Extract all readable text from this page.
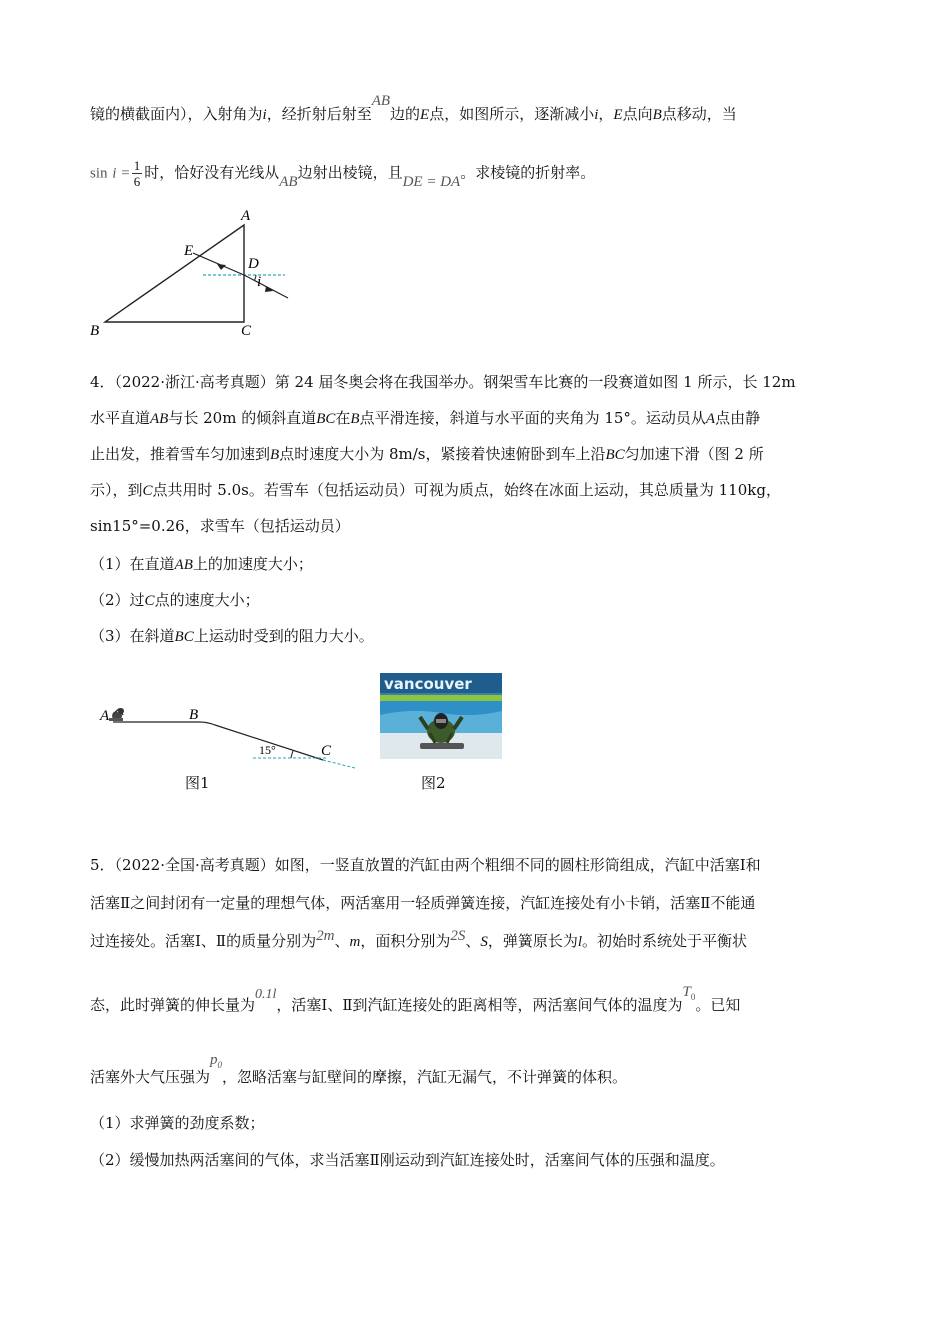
镜的横截面内），入射角为i，经折射后射至AB边的E点，如图所示，逐渐减小i，E点向B点移动，当
$\sin i = \frac{1}{6}$ 时，恰好没有光线从AB边射出棱镜，且DE = DA。求棱镜的折射率。
A
B	C
D
E
i
4．（2022·浙江·高考真题）第 24 届冬奥会将在我国举办。钢架雪车比赛的一段赛道如图 1 所示，长 12m
水平直道AB与长 20m 的倾斜直道BC在B点平滑连接，斜道与水平面的夹角为 15°。运动员从A点由静
止出发，推着雪车匀加速到B点时速度大小为 8m/s，紧接着快速俯卧到车上沿BC匀加速下滑（图 2 所
示），到C点共用时 5.0s。若雪车（包括运动员）可视为质点，始终在冰面上运动，其总质量为 110kg，
sin15°=0.26，求雪车（包括运动员）
（1）在直道AB上的加速度大小；
（2）过C点的速度大小；
（3）在斜道BC上运动时受到的阻力大小。
A	B
C
15°
图1
vancouver
图2
5．（2022·全国·高考真题）如图，一竖直放置的汽缸由两个粗细不同的圆柱形筒组成，汽缸中活塞Ⅰ和
活塞Ⅱ之间封闭有一定量的理想气体，两活塞用一轻质弹簧连接，汽缸连接处有小卡销，活塞Ⅱ不能通
过连接处。活塞Ⅰ、Ⅱ的质量分别为2m、m，面积分别为2S、S，弹簧原长为l。初始时系统处于平衡状
态，此时弹簧的伸长量为0.1l，活塞Ⅰ、Ⅱ到汽缸连接处的距离相等，两活塞间气体的温度为$T_0$。已知
活塞外大气压强为$p_0$，忽略活塞与缸壁间的摩擦，汽缸无漏气，不计弹簧的体积。
（1）求弹簧的劲度系数；
（2）缓慢加热两活塞间的气体，求当活塞Ⅱ刚运动到汽缸连接处时，活塞间气体的压强和温度。
